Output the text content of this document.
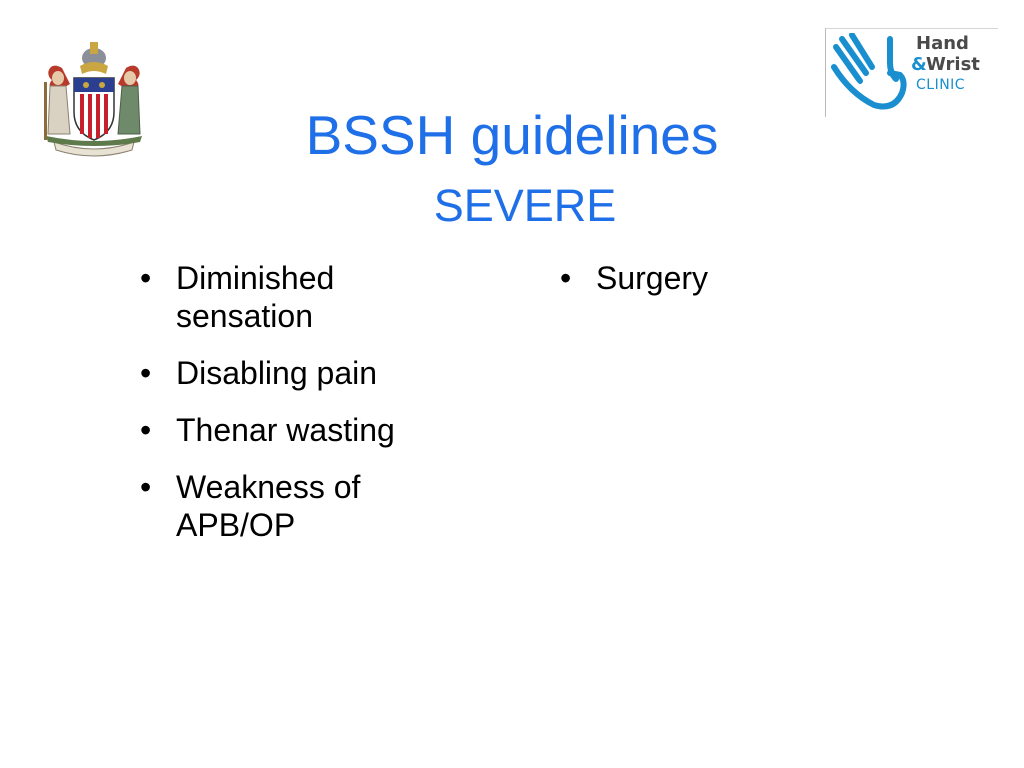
Hand
& Wrist
CLINIC
BSSH guidelines
SEVERE
• Diminished sensation
• Disabling pain
• Thenar wasting
• Weakness of APB/OP
• Surgery
